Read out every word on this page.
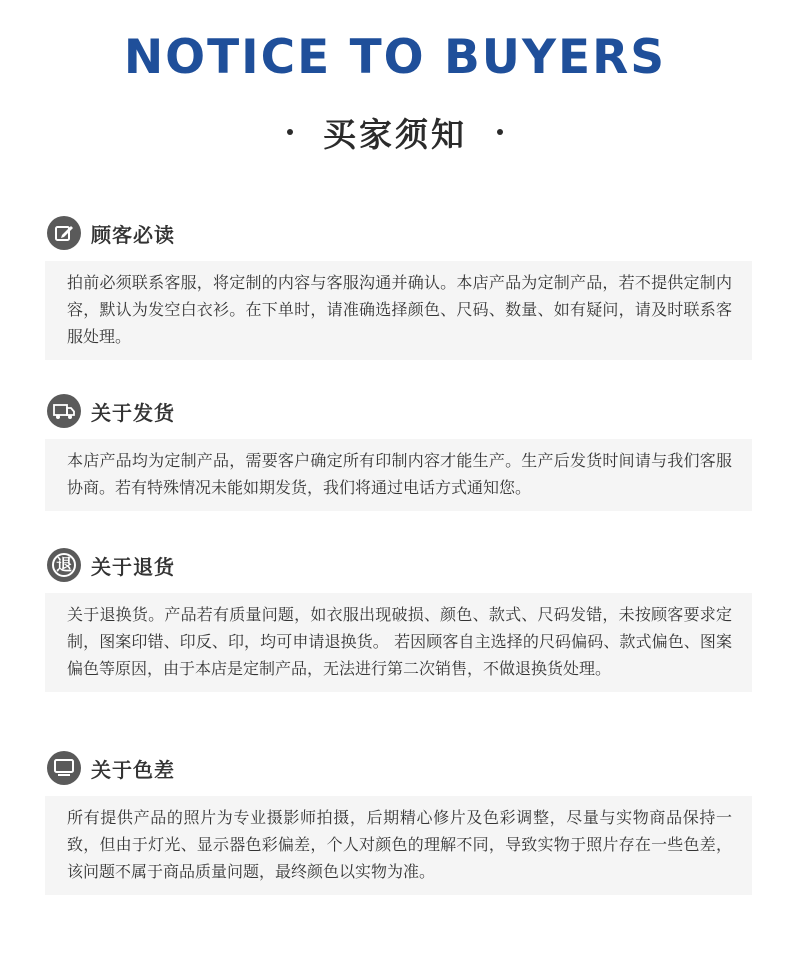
NOTICE TO BUYERS
买家须知
顾客必读
拍前必须联系客服，将定制的内容与客服沟通并确认。本店产品为定制产品，若不提供定制内容，默认为发空白衣衫。在下单时，请准确选择颜色、尺码、数量、如有疑问，请及时联系客服处理。
关于发货
本店产品均为定制产品，需要客户确定所有印制内容才能生产。生产后发货时间请与我们客服协商。若有特殊情况未能如期发货，我们将通过电话方式通知您。
退 关于退货
关于退换货。产品若有质量问题，如衣服出现破损、颜色、款式、尺码发错，未按顾客要求定制，图案印错、印反、印，均可申请退换货。 若因顾客自主选择的尺码偏码、款式偏色、图案偏色等原因，由于本店是定制产品，无法进行第二次销售，不做退换货处理。
关于色差
所有提供产品的照片为专业摄影师拍摄，后期精心修片及色彩调整，尽量与实物商品保持一致，但由于灯光、显示器色彩偏差，个人对颜色的理解不同，导致实物于照片存在一些色差，该问题不属于商品质量问题，最终颜色以实物为准。
